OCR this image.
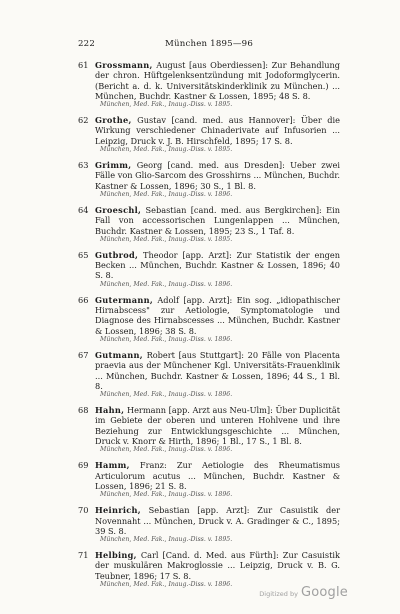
222	München 1895—96
61 Grossmann, August [aus Oberdiessen]: Zur Behandlung der chron. Hüftgelenksentzündung mit Jodoformglycerin. (Bericht a. d. k. Universitätskinderklinik zu München.) ... München, Buchdr. Kastner & Lossen, 1895; 48 S. 8.
München, Med. Fak., Inaug.-Diss. v. 1895.
62 Grothe, Gustav [cand. med. aus Hannover]: Über die Wirkung verschiedener Chinaderivate auf Infusorien ... Leipzig, Druck v. J. B. Hirschfeld, 1895; 17 S. 8.
München, Med. Fak., Inaug.-Diss. v. 1895.
63 Grimm, Georg [cand. med. aus Dresden]: Ueber zwei Fälle von Glio-Sarcom des Grosshirns ... München, Buchdr. Kastner & Lossen, 1896; 30 S., 1 Bl. 8.
München, Med. Fak., Inaug.-Diss. v. 1896.
64 Groeschl, Sebastian [cand. med. aus Bergkirchen]: Ein Fall von accessorischen Lungenlappen ... München, Buchdr. Kastner & Lossen, 1895; 23 S., 1 Taf. 8.
München, Med. Fak., Inaug.-Diss. v. 1895.
65 Gutbrod, Theodor [app. Arzt]: Zur Statistik der engen Becken ... München, Buchdr. Kastner & Lossen, 1896; 40 S. 8.
München, Med. Fak., Inaug.-Diss. v. 1896.
66 Gutermann, Adolf [app. Arzt]: Ein sog. „idiopathischer Hirnabscess" zur Aetiologie, Symptomatologie und Diagnose des Hirnabscesses ... München, Buchdr. Kastner & Lossen, 1896; 38 S. 8.
München, Med. Fak., Inaug.-Diss. v. 1896.
67 Gutmann, Robert [aus Stuttgart]: 20 Fälle von Placenta praevia aus der Münchener Kgl. Universitäts-Frauenklinik ... München, Buchdr. Kastner & Lossen, 1896; 44 S., 1 Bl. 8.
München, Med. Fak., Inaug.-Diss. v. 1896.
68 Hahn, Hermann [app. Arzt aus Neu-Ulm]: Über Duplicität im Gebiete der oberen und unteren Hohlvene und ihre Beziehung zur Entwicklungsgeschichte ... München, Druck v. Knorr & Hirth, 1896; 1 Bl., 17 S., 1 Bl. 8.
München, Med. Fak., Inaug.-Diss. v. 1896.
69 Hamm, Franz: Zur Aetiologie des Rheumatismus Articulorum acutus ... München, Buchdr. Kastner & Lossen, 1896; 21 S. 8.
München, Med. Fak., Inaug.-Diss. v. 1896.
70 Heinrich, Sebastian [app. Arzt]: Zur Casuistik der Novennaht ... München, Druck v. A. Gradinger & C., 1895; 39 S. 8.
München, Med. Fak., Inaug.-Diss. v. 1895.
71 Helbing, Carl [Cand. d. Med. aus Fürth]: Zur Casuistik der muskulären Makroglossie ... Leipzig, Druck v. B. G. Teubner, 1896; 17 S. 8.
München, Med. Fak., Inaug.-Diss. v. 1896.
Digitized by Google
